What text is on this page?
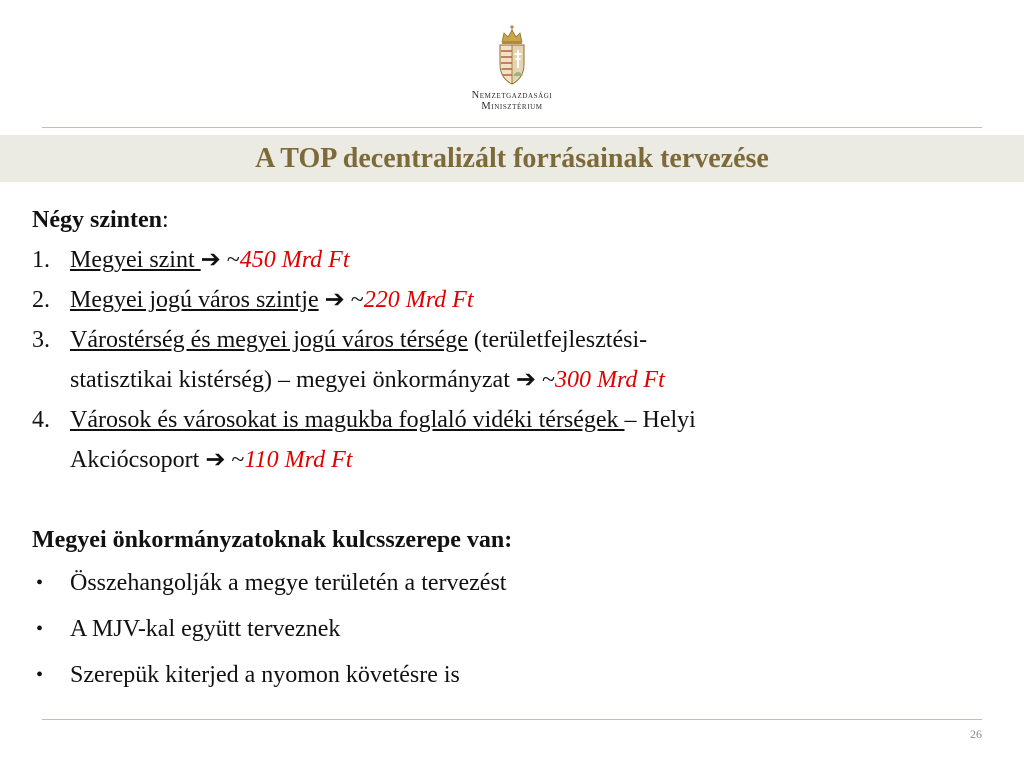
Nemzetgazdasági
Minisztérium
A TOP decentralizált forrásainak tervezése
Négy szinten:
1. Megyei szint ➔ ~450 Mrd Ft
2. Megyei jogú város szintje ➔ ~220 Mrd Ft
3. Várostérség és megyei jogú város térsége (területfejlesztési-
statisztikai kistérség) – megyei önkormányzat ➔ ~300 Mrd Ft
4. Városok és városokat is magukba foglaló vidéki térségek – Helyi
Akciócsoport ➔ ~110 Mrd Ft
Megyei önkormányzatoknak kulcsszerepe van:
• Összehangolják a megye területén a tervezést
• A MJV-kal együtt terveznek
• Szerepük kiterjed a nyomon követésre is
26
